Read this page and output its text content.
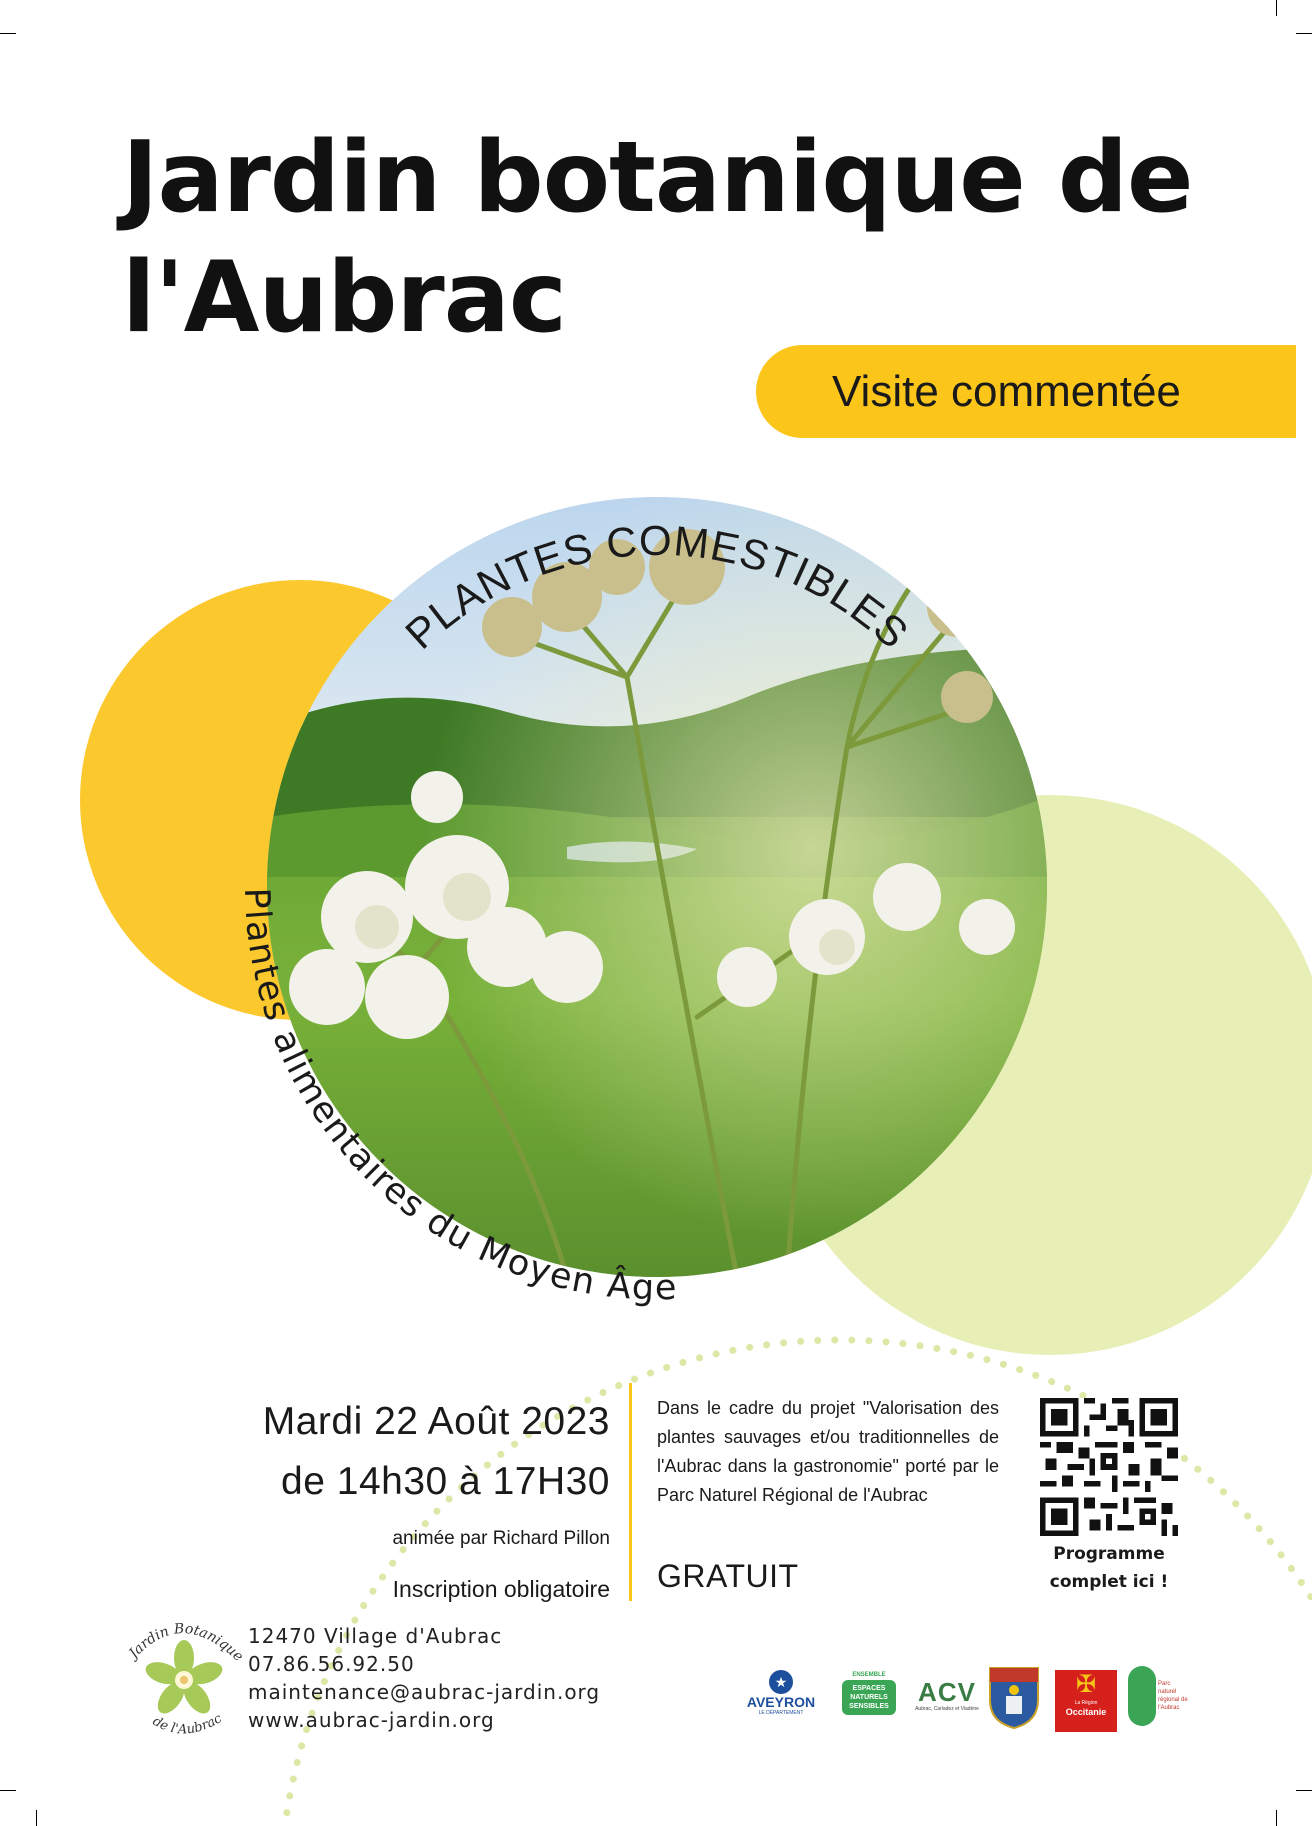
Jardin botanique de
l'Aubrac
Visite commentée
PLANTES COMESTIBLES
Plantes alimentaires du Moyen Âge
Mardi 22 Août 2023
de 14h30 à 17H30
animée par Richard Pillon
Inscription obligatoire
Dans le cadre du projet "Valorisation des plantes sauvages et/ou traditionnelles de l'Aubrac dans la gastronomie" porté par le Parc Naturel Régional de l'Aubrac
GRATUIT
Programme
complet ici !
Jardin Botanique
de l'Aubrac
12470 Village d'Aubrac
07.86.56.92.50
maintenance@aubrac-jardin.org
www.aubrac-jardin.org
★
AVEYRON
LE DÉPARTEMENT
ENSEMBLE
ESPACES NATURELS SENSIBLES	ACV
Aubrac, Carladez et Viadène
✠
La Région
Occitanie
Parc naturel régional de l'Aubrac
